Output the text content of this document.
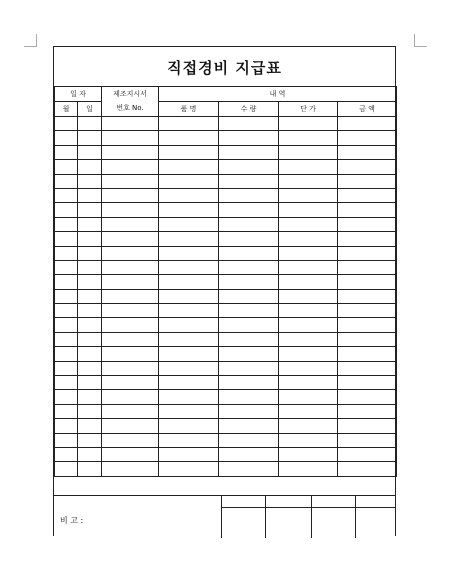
직접경비 지급표
일 자		제조지시서	내 역			
월	일	번호 No.	품 명	수 량	단 가	금 액

비 고 :
